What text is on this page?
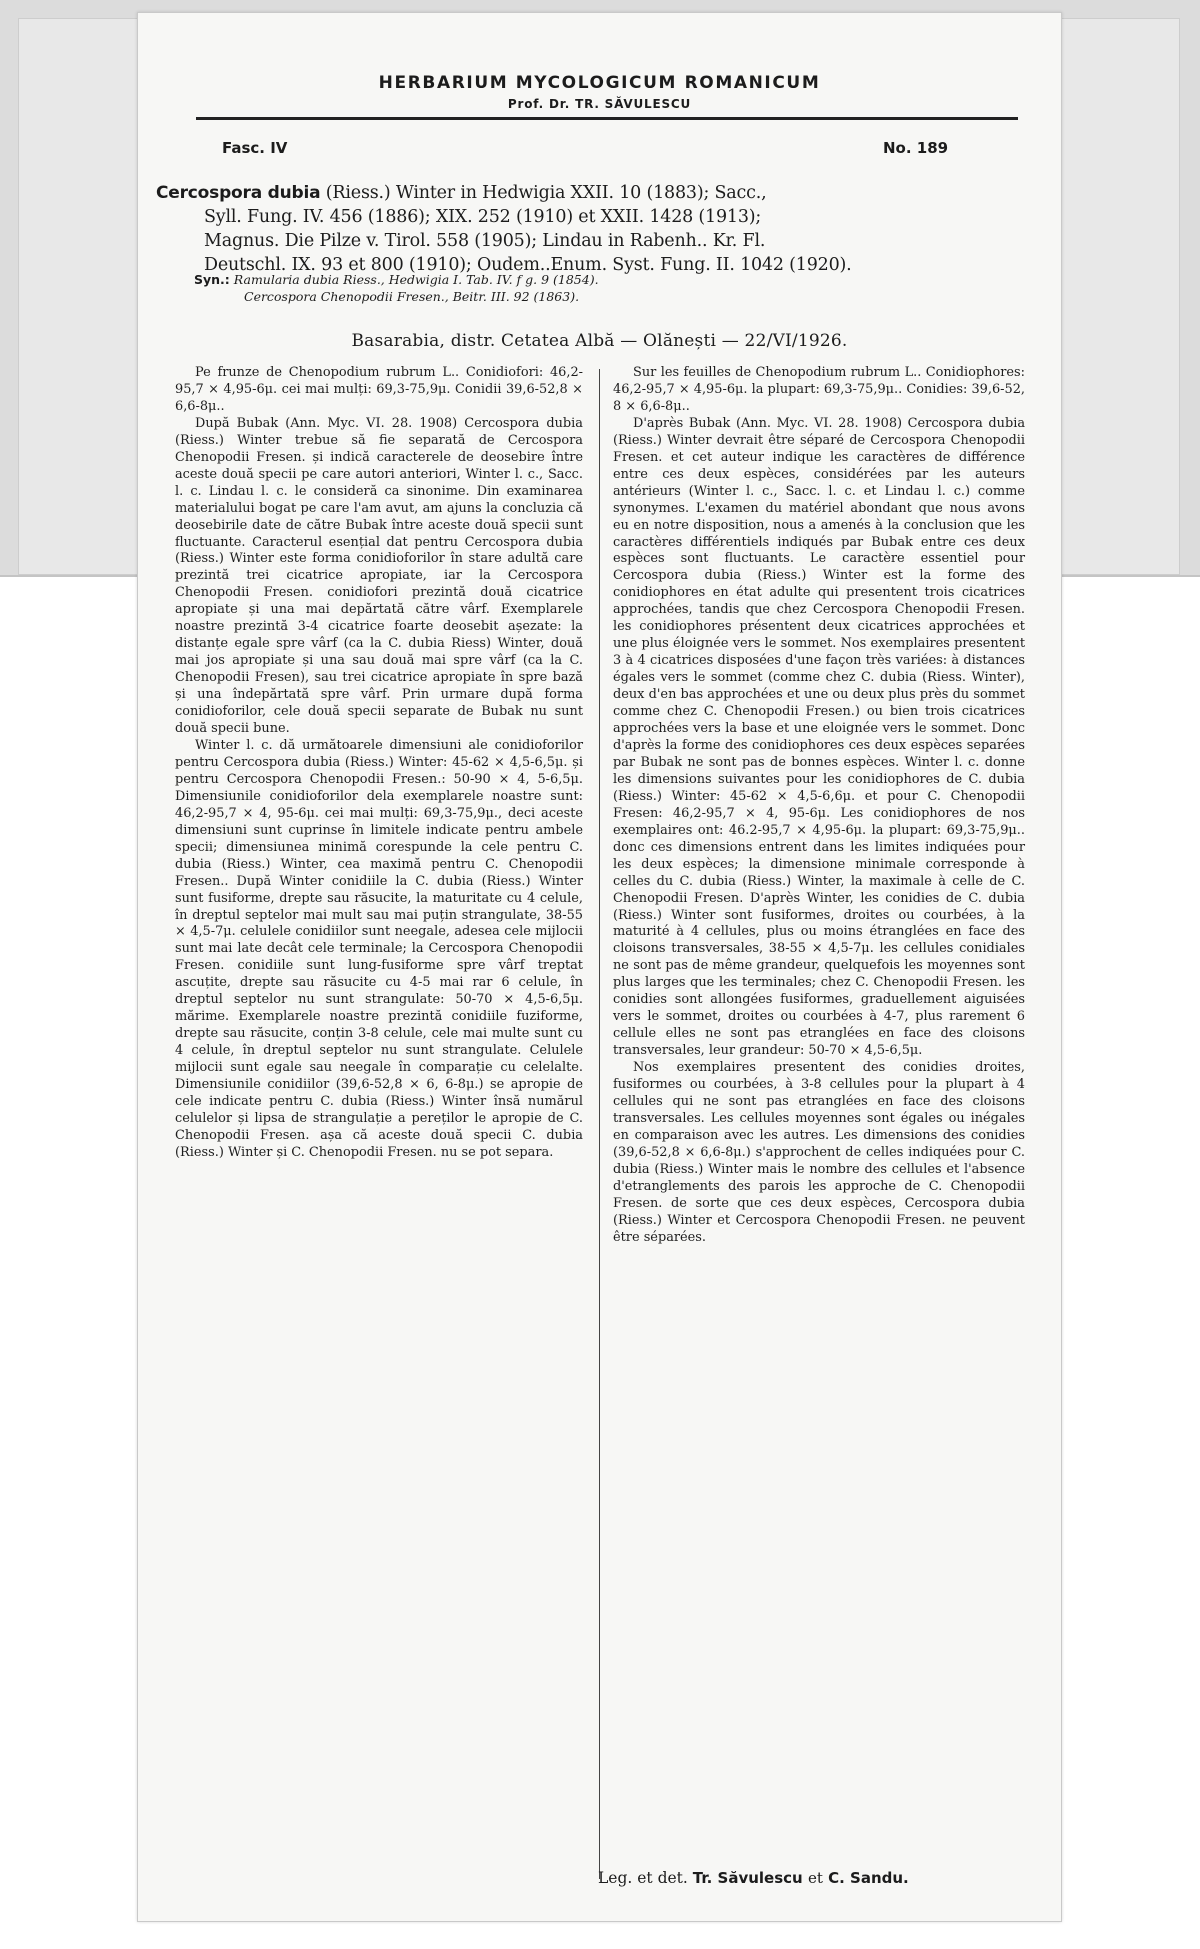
HERBARIUM MYCOLOGICUM ROMANICUM
Prof. Dr. TR. SĂVULESCU
Fasc. IV	No. 189
Cercospora dubia (Riess.) Winter in Hedwigia XXII. 10 (1883); Sacc.,
Syll. Fung. IV. 456 (1886); XIX. 252 (1910) et XXII. 1428 (1913);
Magnus. Die Pilze v. Tirol. 558 (1905); Lindau in Rabenh.. Kr. Fl.
Deutschl. IX. 93 et 800 (1910); Oudem..Enum. Syst. Fung. II. 1042 (1920).
Syn.: Ramularia dubia Riess., Hedwigia I. Tab. IV. f g. 9 (1854).
Cercospora Chenopodii Fresen., Beitr. III. 92 (1863).
Basarabia, distr. Cetatea Albă — Olănești — 22/VI/1926.

Pe frunze de Chenopodium rubrum L.. Conidiofori: 46,2-95,7 × 4,95-6μ. cei mai mulți: 69,3-75,9μ. Conidii 39,6-52,8 × 6,6-8μ..

După Bubak (Ann. Myc. VI. 28. 1908) Cercospora dubia (Riess.) Winter trebue să fie separată de Cercospora Chenopodii Fresen. și indică caracterele de deosebire între aceste două specii pe care autori anteriori, Winter l. c., Sacc. l. c. Lindau l. c. le consideră ca sinonime. Din examinarea materialului bogat pe care l'am avut, am ajuns la concluzia că deosebirile date de către Bubak între aceste două specii sunt fluctuante. Caracterul esențial dat pentru Cercospora dubia (Riess.) Winter este forma conidioforilor în stare adultă care prezintă trei cicatrice apropiate, iar la Cercospora Chenopodii Fresen. conidiofori prezintă două cicatrice apropiate și una mai depărtată către vârf. Exemplarele noastre prezintă 3-4 cicatrice foarte deosebit așezate: la distanțe egale spre vârf (ca la C. dubia Riess) Winter, două mai jos apropiate și una sau două mai spre vârf (ca la C. Chenopodii Fresen), sau trei cicatrice apropiate în spre bază și una îndepărtată spre vârf. Prin urmare după forma conidioforilor, cele două specii separate de Bubak nu sunt două specii bune.

Winter l. c. dă următoarele dimensiuni ale conidioforilor pentru Cercospora dubia (Riess.) Winter: 45-62 × 4,5-6,5μ. și pentru Cercospora Chenopodii Fresen.: 50-90 × 4, 5-6,5μ. Dimensiunile conidioforilor dela exemplarele noastre sunt: 46,2-95,7 × 4, 95-6μ. cei mai mulți: 69,3-75,9μ., deci aceste dimensiuni sunt cuprinse în limitele indicate pentru ambele specii; dimensiunea minimă corespunde la cele pentru C. dubia (Riess.) Winter, cea maximă pentru C. Chenopodii Fresen.. După Winter conidiile la C. dubia (Riess.) Winter sunt fusiforme, drepte sau răsucite, la maturitate cu 4 celule, în dreptul septelor mai mult sau mai puțin strangulate, 38-55 × 4,5-7μ. celulele conidiilor sunt neegale, adesea cele mijlocii sunt mai late decât cele terminale; la Cercospora Chenopodii Fresen. conidiile sunt lung-fusiforme spre vârf treptat ascuțite, drepte sau răsucite cu 4-5 mai rar 6 celule, în dreptul septelor nu sunt strangulate: 50-70 × 4,5-6,5μ. mărime. Exemplarele noastre prezintă conidiile fuziforme, drepte sau răsucite, conțin 3-8 celule, cele mai multe sunt cu 4 celule, în dreptul septelor nu sunt strangulate. Celulele mijlocii sunt egale sau neegale în comparație cu celelalte. Dimensiunile conidiilor (39,6-52,8 × 6, 6-8μ.) se apropie de cele indicate pentru C. dubia (Riess.) Winter însă numărul celulelor și lipsa de strangulație a pereților le apropie de C. Chenopodii Fresen. așa că aceste două specii C. dubia (Riess.) Winter și C. Chenopodii Fresen. nu se pot separa.

Sur les feuilles de Chenopodium rubrum L.. Conidiophores: 46,2-95,7 × 4,95-6μ. la plupart: 69,3-75,9μ.. Conidies: 39,6-52, 8 × 6,6-8μ..

D'après Bubak (Ann. Myc. VI. 28. 1908) Cercospora dubia (Riess.) Winter devrait être séparé de Cercospora Chenopodii Fresen. et cet auteur indique les caractères de différence entre ces deux espèces, considérées par les auteurs antérieurs (Winter l. c., Sacc. l. c. et Lindau l. c.) comme synonymes. L'examen du matériel abondant que nous avons eu en notre disposition, nous a amenés à la conclusion que les caractères différentiels indiqués par Bubak entre ces deux espèces sont fluctuants. Le caractère essentiel pour Cercospora dubia (Riess.) Winter est la forme des conidiophores en état adulte qui presentent trois cicatrices approchées, tandis que chez Cercospora Chenopodii Fresen. les conidiophores présentent deux cicatrices approchées et une plus éloignée vers le sommet. Nos exemplaires presentent 3 à 4 cicatrices disposées d'une façon très variées: à distances égales vers le sommet (comme chez C. dubia (Riess. Winter), deux d'en bas approchées et une ou deux plus près du sommet comme chez C. Chenopodii Fresen.) ou bien trois cicatrices approchées vers la base et une eloignée vers le sommet. Donc d'après la forme des conidiophores ces deux espèces separées par Bubak ne sont pas de bonnes espèces. Winter l. c. donne les dimensions suivantes pour les conidiophores de C. dubia (Riess.) Winter: 45-62 × 4,5-6,6μ. et pour C. Chenopodii Fresen: 46,2-95,7 × 4, 95-6μ. Les conidiophores de nos exemplaires ont: 46.2-95,7 × 4,95-6μ. la plupart: 69,3-75,9μ.. donc ces dimensions entrent dans les limites indiquées pour les deux espèces; la dimensione minimale corresponde à celles du C. dubia (Riess.) Winter, la maximale à celle de C. Chenopodii Fresen. D'après Winter, les conidies de C. dubia (Riess.) Winter sont fusiformes, droites ou courbées, à la maturité à 4 cellules, plus ou moins étranglées en face des cloisons transversales, 38-55 × 4,5-7μ. les cellules conidiales ne sont pas de même grandeur, quelquefois les moyennes sont plus larges que les terminales; chez C. Chenopodii Fresen. les conidies sont allongées fusiformes, graduellement aiguisées vers le sommet, droites ou courbées à 4-7, plus rarement 6 cellule elles ne sont pas etranglées en face des cloisons transversales, leur grandeur: 50-70 × 4,5-6,5μ.

Nos exemplaires presentent des conidies droites, fusiformes ou courbées, à 3-8 cellules pour la plupart à 4 cellules qui ne sont pas etranglées en face des cloisons transversales. Les cellules moyennes sont égales ou inégales en comparaison avec les autres. Les dimensions des conidies (39,6-52,8 × 6,6-8μ.) s'approchent de celles indiquées pour C. dubia (Riess.) Winter mais le nombre des cellules et l'absence d'etranglements des parois les approche de C. Chenopodii Fresen. de sorte que ces deux espèces, Cercospora dubia (Riess.) Winter et Cercospora Chenopodii Fresen. ne peuvent être séparées.

Leg. et det. Tr. Săvulescu et C. Sandu.
